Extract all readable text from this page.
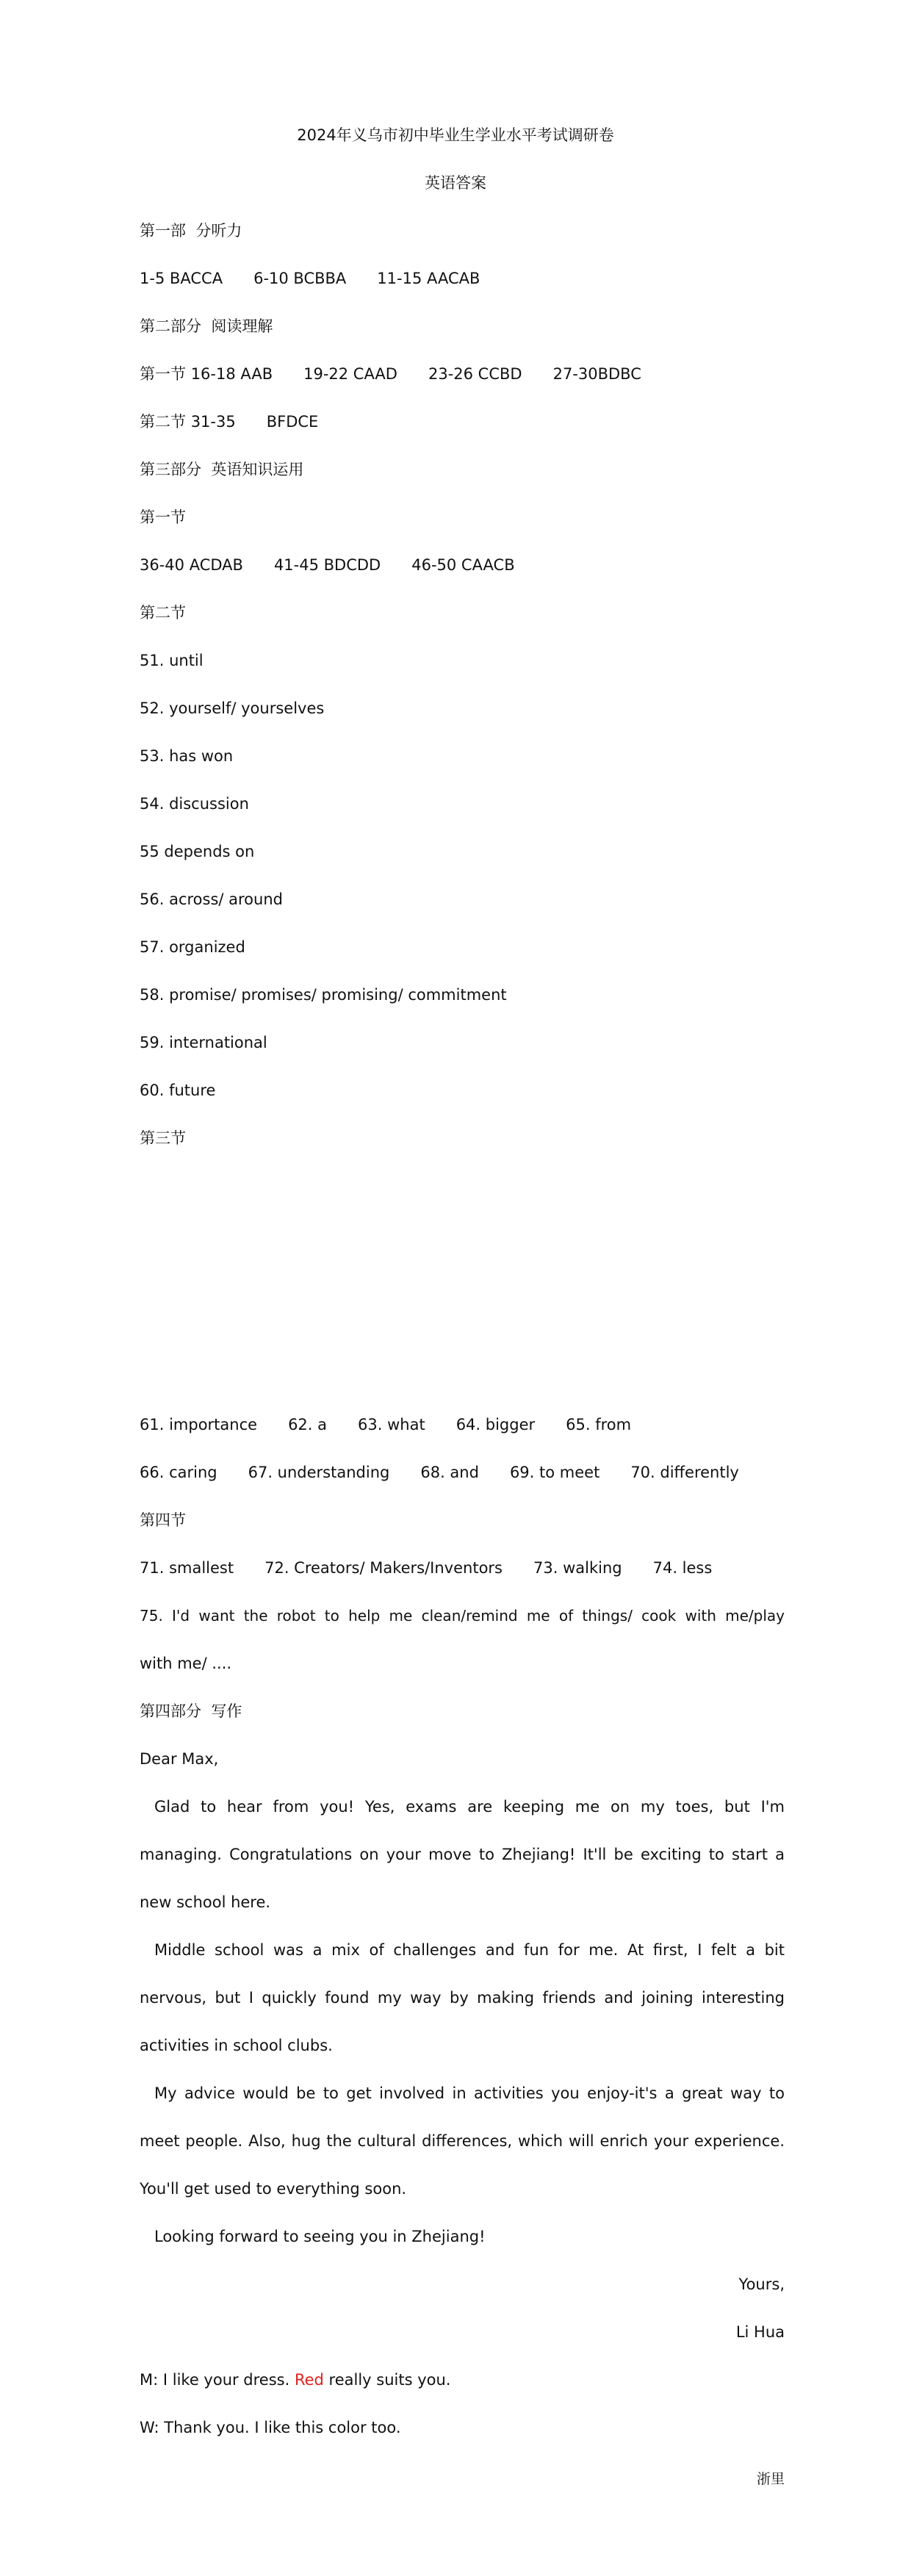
2024年义乌市初中毕业生学业水平考试调研卷

英语答案

第一部  分听力

1-5 BACCA 6-10 BCBBA 11-15 AACAB

第二部分  阅读理解

第一节 16-18 AAB 19-22 CAAD 23-26 CCBD 27-30BDBC

第二节 31-35 BFDCE

第三部分  英语知识运用

第一节

36-40 ACDAB 41-45 BDCDD 46-50 CAACB

第二节

51. until

52. yourself/ yourselves

53. has won

54. discussion

55 depends on

56. across/ around

57. organized

58. promise/ promises/ promising/ commitment

59. international

60. future

第三节

61. importance 62. a 63. what 64. bigger 65. from

66. caring 67. understanding 68. and 69. to meet 70. differently

第四节

71. smallest 72. Creators/ Makers/Inventors 73. walking 74. less

75. I'd want the robot to help me clean/remind me of things/ cook with me/play

with me/ ....

第四部分  写作

Dear Max,

Glad to hear from you! Yes, exams are keeping me on my toes, but I'm

managing. Congratulations on your move to Zhejiang! It'll be exciting to start a

new school here.

Middle school was a mix of challenges and fun for me. At first, I felt a bit

nervous, but I quickly found my way by making friends and joining interesting

activities in school clubs.

My advice would be to get involved in activities you enjoy-it's a great way to

meet people. Also, hug the cultural differences, which will enrich your experience.

You'll get used to everything soon.

Looking forward to seeing you in Zhejiang!

Yours,

Li Hua

M: I like your dress. Red really suits you.

W: Thank you. I like this color too.

浙里
